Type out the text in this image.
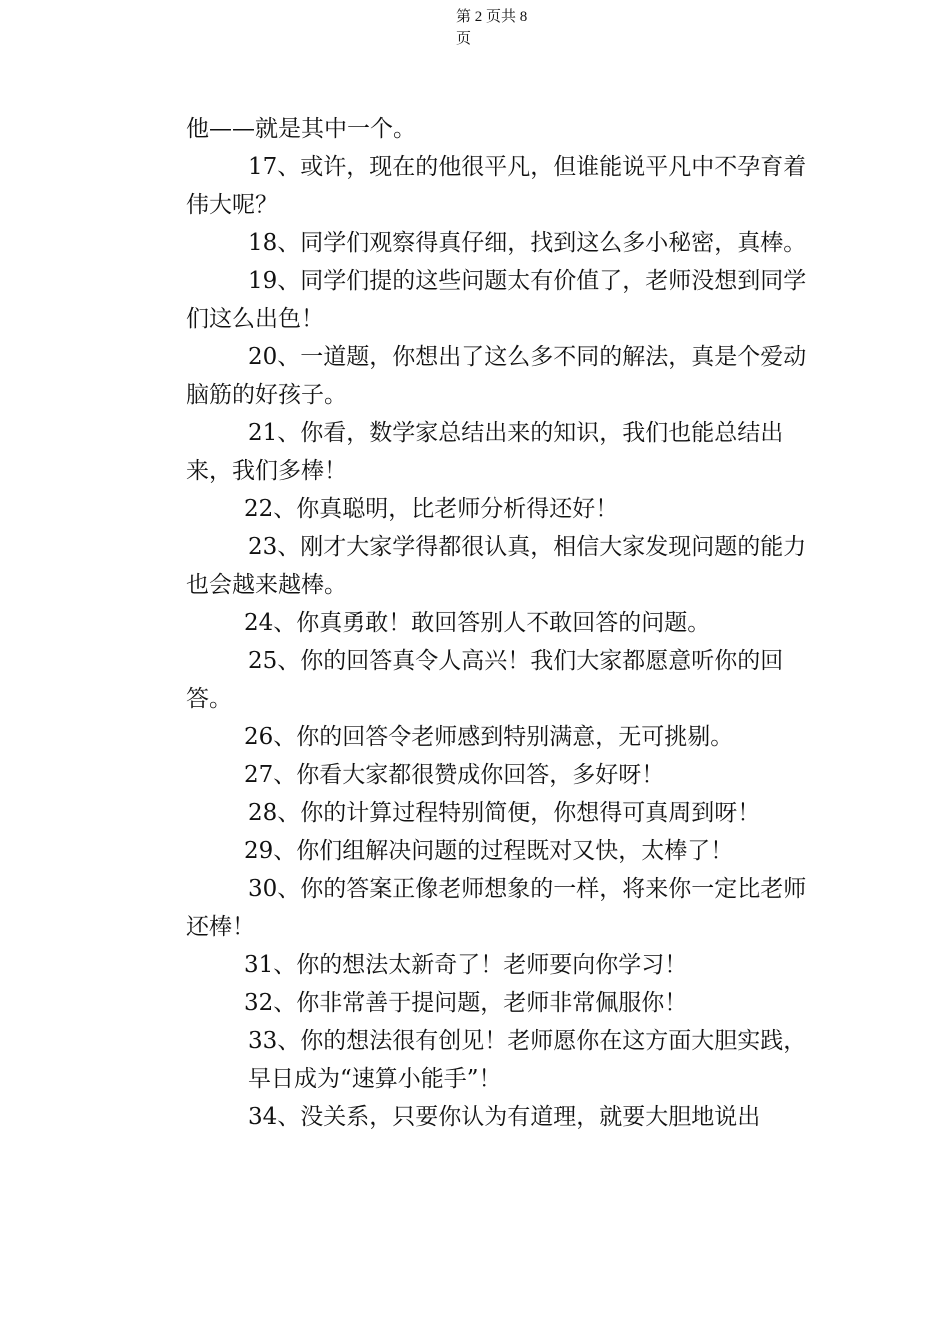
第 2 页共 8
页

他——就是其中一个。

17、或许，现在的他很平凡，但谁能说平凡中不孕育着伟大呢？

18、同学们观察得真仔细，找到这么多小秘密，真棒。

19、同学们提的这些问题太有价值了，老师没想到同学们这么出色！

20、一道题，你想出了这么多不同的解法，真是个爱动脑筋的好孩子。

21、你看，数学家总结出来的知识，我们也能总结出来，我们多棒！

22、你真聪明，比老师分析得还好！

23、刚才大家学得都很认真，相信大家发现问题的能力也会越来越棒。

24、你真勇敢！敢回答别人不敢回答的问题。

25、你的回答真令人高兴！我们大家都愿意听你的回答。

26、你的回答令老师感到特别满意，无可挑剔。

27、你看大家都很赞成你回答，多好呀！

28、你的计算过程特别简便，你想得可真周到呀！

29、你们组解决问题的过程既对又快，太棒了！

30、你的答案正像老师想象的一样，将来你一定比老师还棒！

31、你的想法太新奇了！老师要向你学习！

32、你非常善于提问题，老师非常佩服你！

33、你的想法很有创见！老师愿你在这方面大胆实践，早日成为“速算小能手”！

34、没关系，只要你认为有道理，就要大胆地说出
